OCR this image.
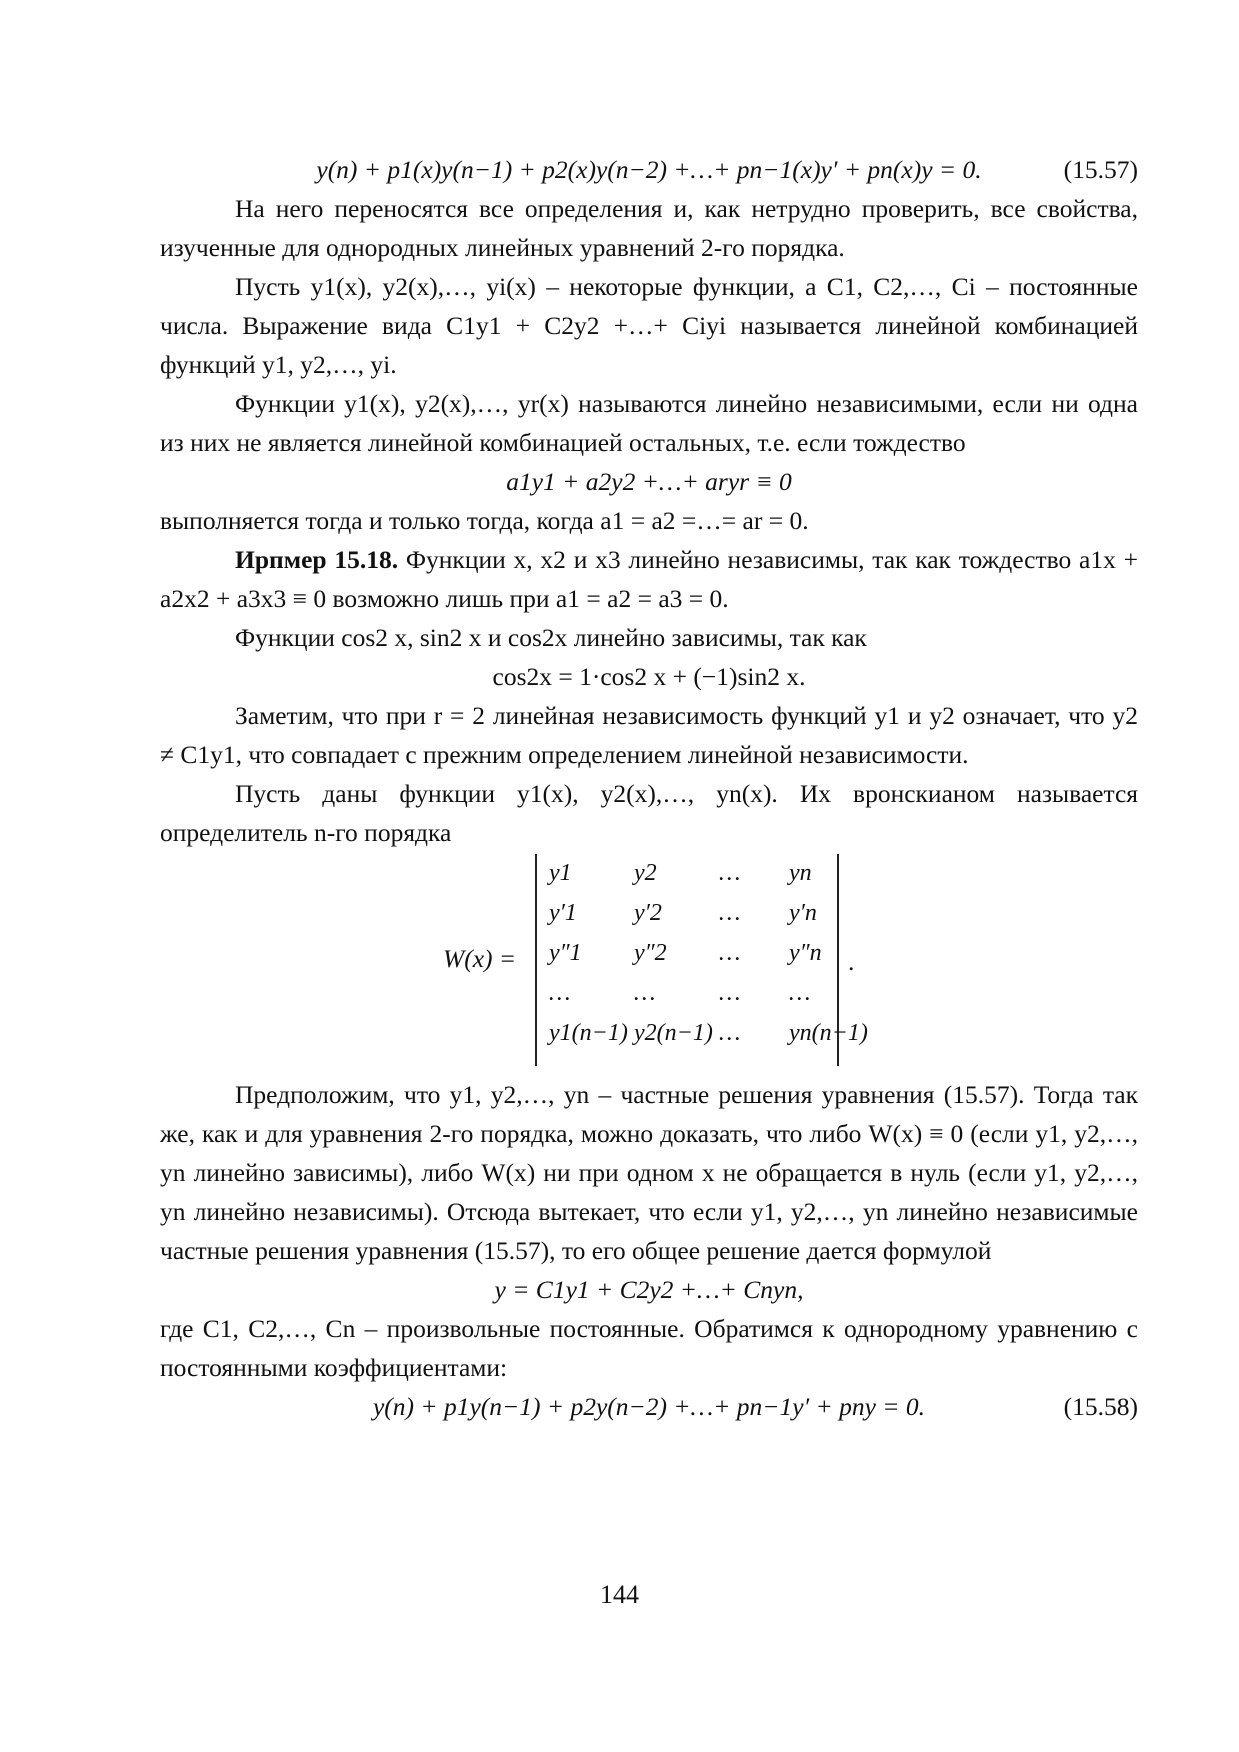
y(n) + p1(x)y(n−1) + p2(x)y(n−2) +…+ pn−1(x)y′ + pn(x)y = 0.	(15.57)

На него переносятся все определения и, как нетрудно проверить, все свойства, изученные для однородных линейных уравнений 2-го порядка.

Пусть y1(x), y2(x),…, yi(x) – некоторые функции, а C1, C2,…, Ci – постоянные числа. Выражение вида C1y1 + C2y2 +…+ Ciyi называется линейной комбинацией функций y1, y2,…, yi.

Функции y1(x), y2(x),…, yr(x) называются линейно независимыми, если ни одна из них не является линейной комбинацией остальных, т.е. если тождество

a1y1 + a2y2 +…+ aryr ≡ 0

выполняется тогда и только тогда, когда a1 = a2 =…= ar = 0.

Ирпмер 15.18. Функции x, x2 и x3 линейно независимы, так как тождество a1x + a2x2 + a3x3 ≡ 0 возможно лишь при a1 = a2 = a3 = 0.

Функции cos2 x, sin2 x и cos2x линейно зависимы, так как

cos2x = 1·cos2 x + (−1)sin2 x.

Заметим, что при r = 2 линейная независимость функций y1 и y2 означает, что y2 ≠ C1y1, что совпадает с прежним определением линейной независимости.

Пусть даны функции y1(x), y2(x),…, yn(x). Их вронскианом называется определитель n-го порядка

W(x) =
y1	y2	…	yn
y′1	y′2	…	y′n
y″1	y″2	…	y″n
…	…	…	…
y1(n−1) y2(n−1) …	yn(n−1)
.

Предположим, что y1, y2,…, yn – частные решения уравнения (15.57). Тогда так же, как и для уравнения 2-го порядка, можно доказать, что либо W(x) ≡ 0 (если y1, y2,…, yn линейно зависимы), либо W(x) ни при одном x не обращается в нуль (если y1, y2,…, yn линейно независимы). Отсюда вытекает, что если y1, y2,…, yn линейно независимые частные решения уравнения (15.57), то его общее решение дается формулой

y = C1y1 + C2y2 +…+ Cnyn,

где C1, C2,…, Cn – произвольные постоянные. Обратимся к однородному уравнению с постоянными коэффициентами:

y(n) + p1y(n−1) + p2y(n−2) +…+ pn−1y′ + pny = 0.	(15.58)
144
